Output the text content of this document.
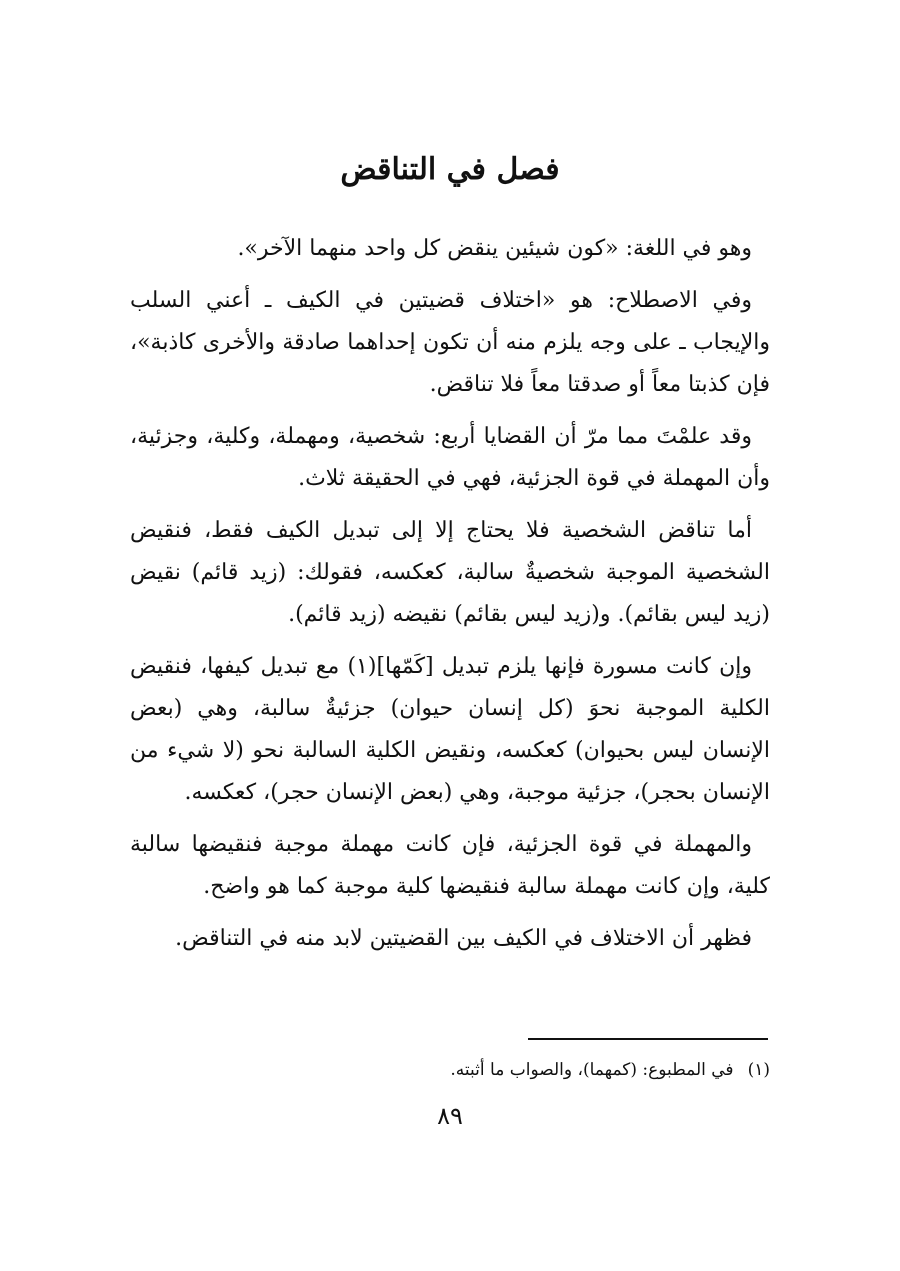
فصل في التناقض

وهو في اللغة: «كون شيئين ينقض كل واحد منهما الآخر».

وفي الاصطلاح: هو «اختلاف قضيتين في الكيف ـ أعني السلب والإيجاب ـ على وجه يلزم منه أن تكون إحداهما صادقة والأخرى كاذبة»، فإن كذبتا معاً أو صدقتا معاً فلا تناقض.

وقد علمْتَ مما مرّ أن القضايا أربع: شخصية، ومهملة، وكلية، وجزئية، وأن المهملة في قوة الجزئية، فهي في الحقيقة ثلاث.

أما تناقض الشخصية فلا يحتاج إلا إلى تبديل الكيف فقط، فنقيض الشخصية الموجبة شخصيةٌ سالبة، كعكسه، فقولك: (زيد قائم) نقيض (زيد ليس بقائم). و(زيد ليس بقائم) نقيضه (زيد قائم).

وإن كانت مسورة فإنها يلزم تبديل [كَمّها](١) مع تبديل كيفها، فنقيض الكلية الموجبة نحوَ (كل إنسان حيوان) جزئيةٌ سالبة، وهي (بعض الإنسان ليس بحيوان) كعكسه، ونقيض الكلية السالبة نحو (لا شيء من الإنسان بحجر)، جزئية موجبة، وهي (بعض الإنسان حجر)، كعكسه.

والمهملة في قوة الجزئية، فإن كانت مهملة موجبة فنقيضها سالبة كلية، وإن كانت مهملة سالبة فنقيضها كلية موجبة كما هو واضح.

فظهر أن الاختلاف في الكيف بين القضيتين لابد منه في التناقض.

(١)في المطبوع: (كمهما)، والصواب ما أثبته.
٨٩
